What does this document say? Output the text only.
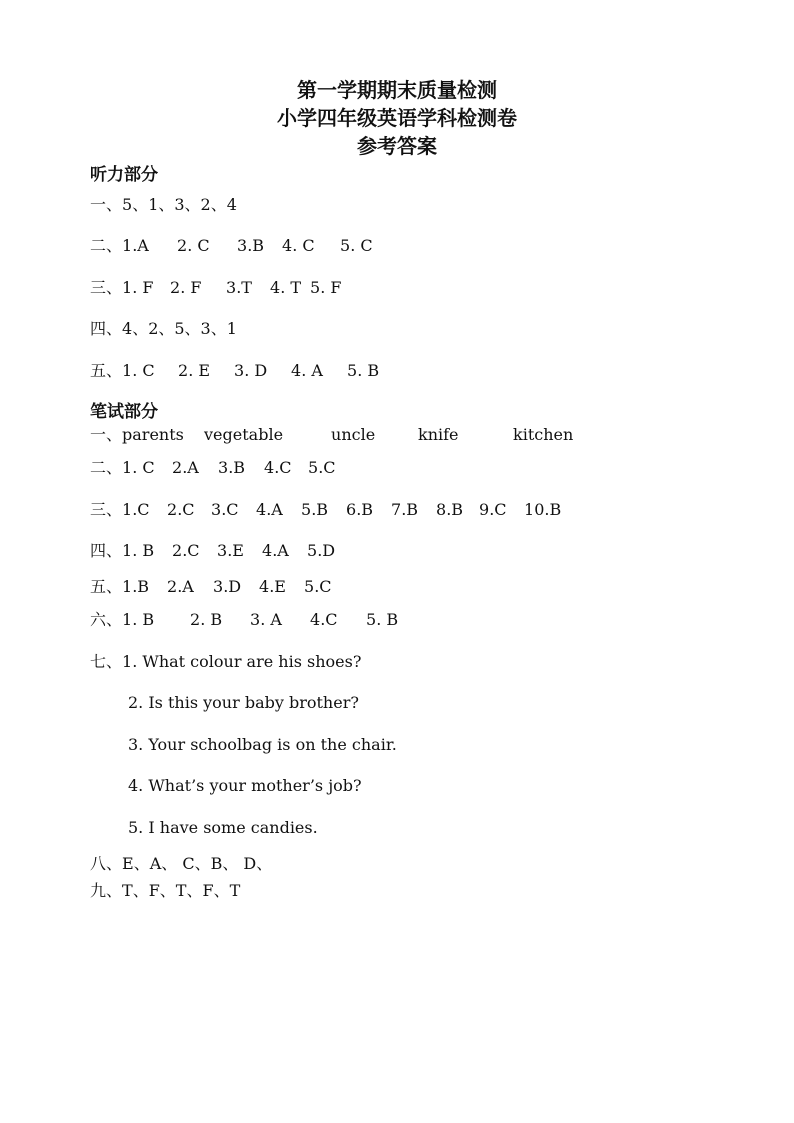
第一学期期末质量检测
小学四年级英语学科检测卷
参考答案
听力部分
一、5、1、3、2、4
二、1.A 2. C 3.B 4. C 5. C
三、1. F 2. F 3.T 4. T 5. F
四、4、2、5、3、1
五、1. C 2. E 3. D 4. A 5. B
笔试部分
一、parents vegetable	uncle	knife	kitchen
二、1. C 2.A 3.B 4.C 5.C
三、1.C 2.C 3.C 4.A 5.B 6.B 7.B 8.B 9.C 10.B
四、1. B 2.C 3.E 4.A 5.D
五、1.B 2.A 3.D 4.E 5.C
六、1. B 2. B 3. A 4.C 5. B
七、1. What colour are his shoes?
2. Is this your baby brother?
3. Your schoolbag is on the chair.
4. What’s your mother’s job?
5. I have some candies.
八、E、A、 C、B、 D、
九、T、F、T、F、T
